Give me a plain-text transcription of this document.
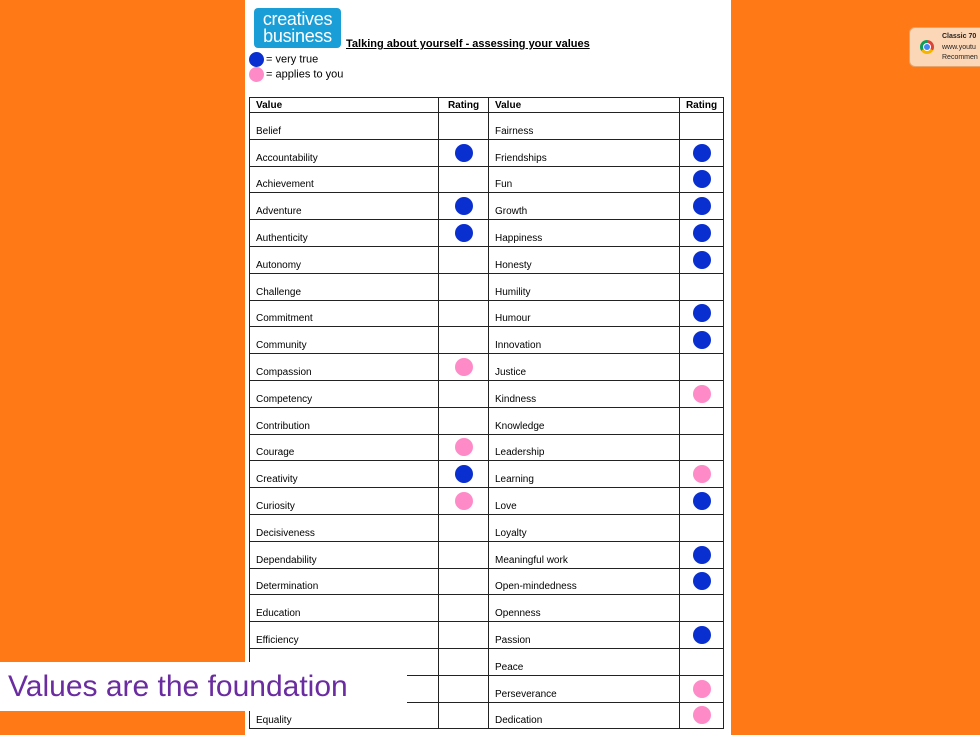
creatives
business	Talking about yourself - assessing your values
= very true
= applies to you
Value	Rating	Value	Rating
Belief		Fairness	
Accountability		Friendships	

Achievement		Fun	

Adventure		Growth	

Authenticity		Happiness	

Autonomy		Honesty	

Challenge		Humility	
Commitment		Humour	

Community		Innovation	

Compassion		Justice	
Competency		Kindness	

Contribution		Knowledge	
Courage		Leadership	
Creativity		Learning	

Curiosity		Love	

Decisiveness		Loyalty	
Dependability		Meaningful work	

Determination		Open-mindedness	

Education		Openness	
Efficiency		Passion	

		Peace	
		Perseverance	

Equality		Dedication	
Values are the foundation
Classic 70
www.youtu
Recommen
